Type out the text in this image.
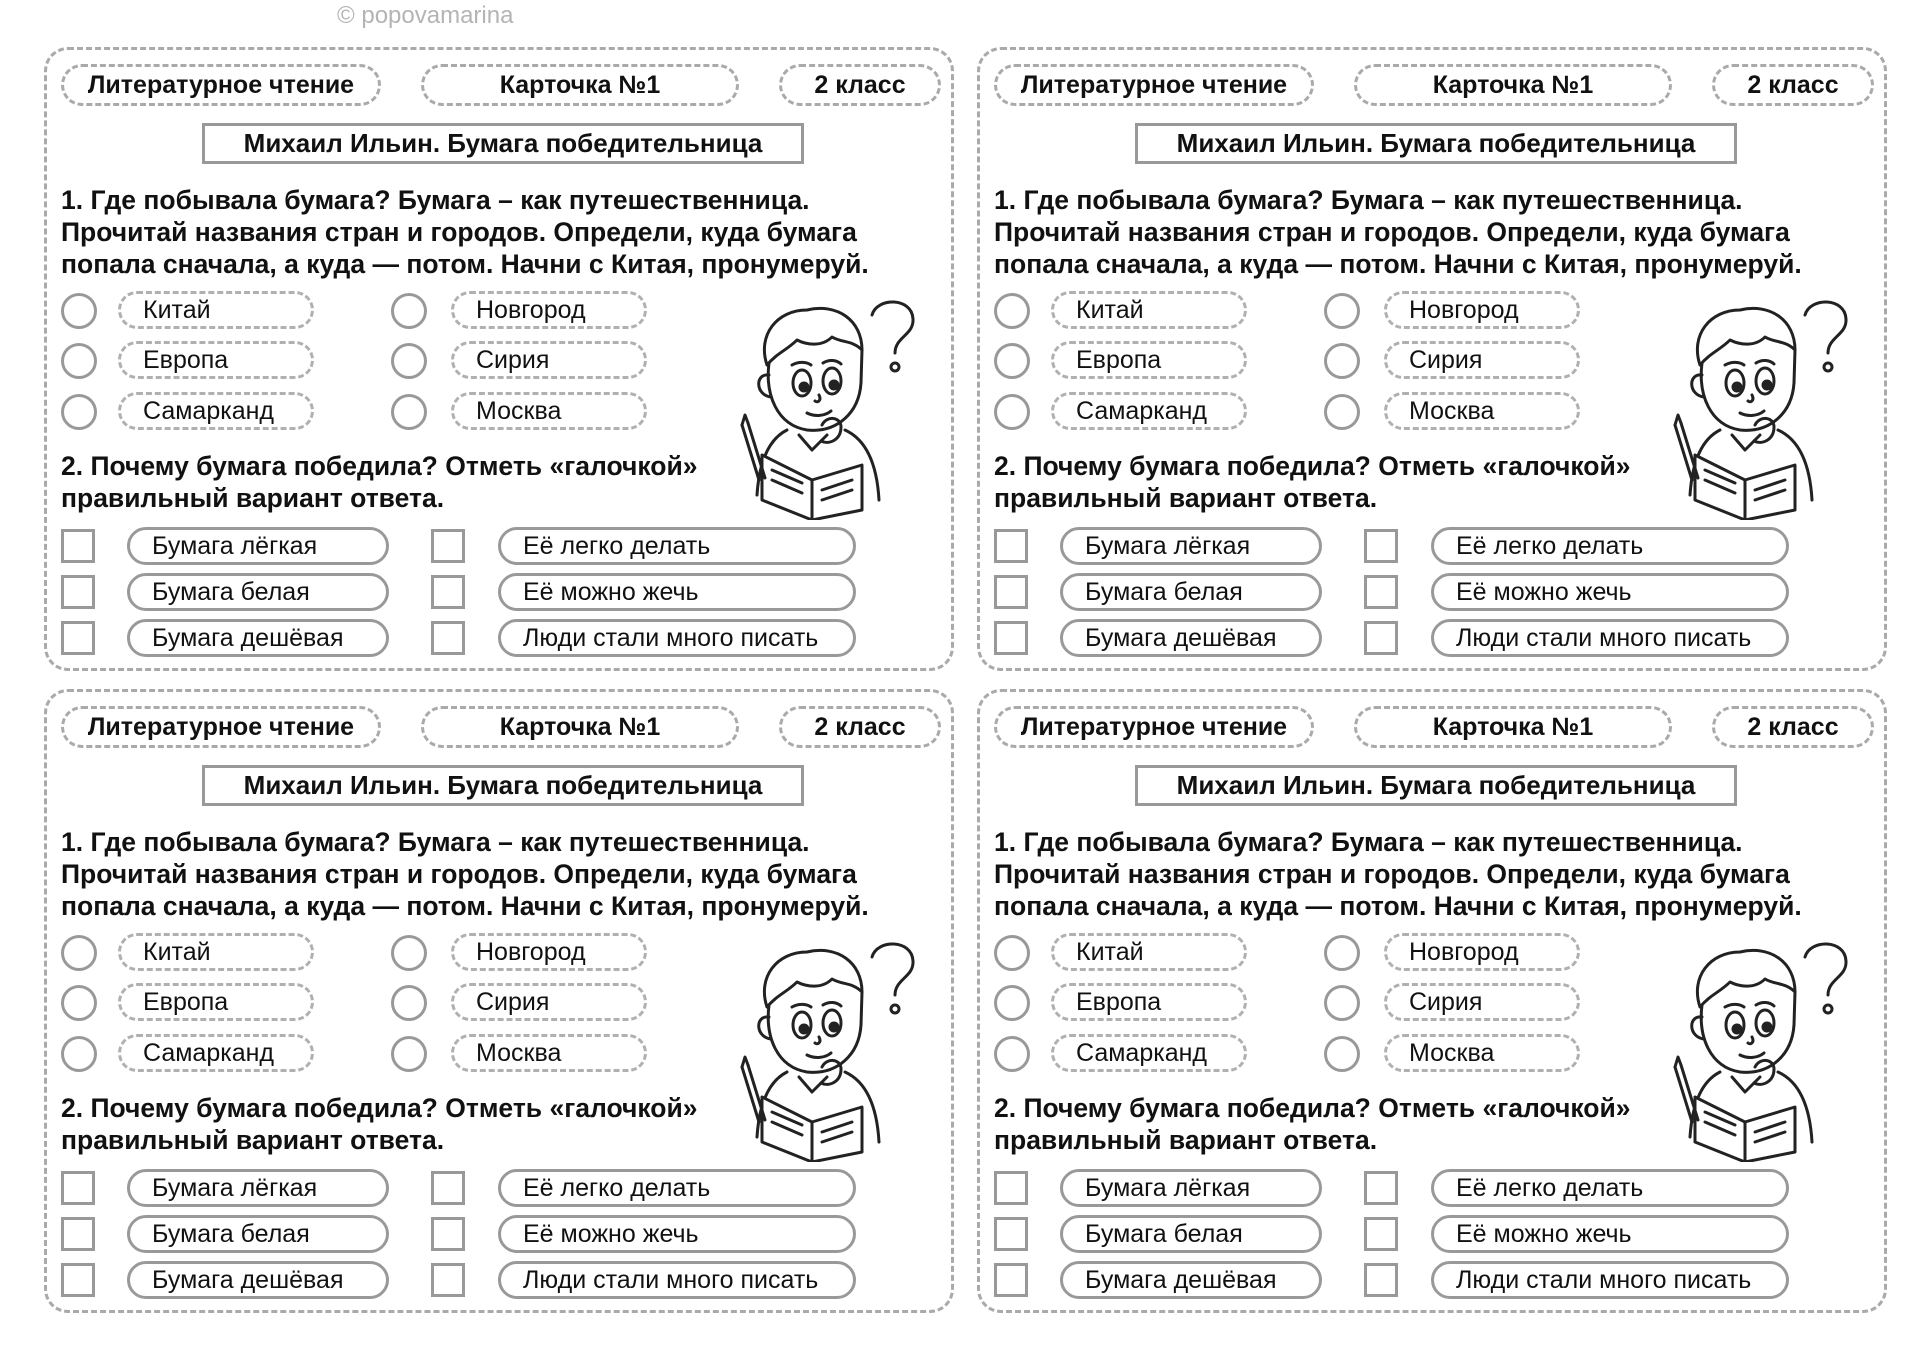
© popovamarina
Литературное чтение	Карточка №1	2 класс
Михаил Ильин. Бумага победительница
1. Где побывала бумага? Бумага – как путешественница.
Прочитай названия стран и городов. Определи, куда бумага
попала сначала, а куда — потом. Начни с Китая, пронумеруй.
Китай
Европа
Самарканд
Новгород
Сирия
Москва
2. Почему бумага победила? Отметь «галочкой»
правильный вариант ответа.
Бумага лёгкая
Бумага белая
Бумага дешёвая
Её легко делать
Её можно жечь
Люди стали много писать
Литературное чтение	Карточка №1	2 класс
Михаил Ильин. Бумага победительница
1. Где побывала бумага? Бумага – как путешественница.
Прочитай названия стран и городов. Определи, куда бумага
попала сначала, а куда — потом. Начни с Китая, пронумеруй.
Китай
Европа
Самарканд
Новгород
Сирия
Москва
2. Почему бумага победила? Отметь «галочкой»
правильный вариант ответа.
Бумага лёгкая
Бумага белая
Бумага дешёвая
Её легко делать
Её можно жечь
Люди стали много писать
Литературное чтение	Карточка №1	2 класс
Михаил Ильин. Бумага победительница
1. Где побывала бумага? Бумага – как путешественница.
Прочитай названия стран и городов. Определи, куда бумага
попала сначала, а куда — потом. Начни с Китая, пронумеруй.
Китай
Европа
Самарканд
Новгород
Сирия
Москва
2. Почему бумага победила? Отметь «галочкой»
правильный вариант ответа.
Бумага лёгкая
Бумага белая
Бумага дешёвая
Её легко делать
Её можно жечь
Люди стали много писать
Литературное чтение	Карточка №1	2 класс
Михаил Ильин. Бумага победительница
1. Где побывала бумага? Бумага – как путешественница.
Прочитай названия стран и городов. Определи, куда бумага
попала сначала, а куда — потом. Начни с Китая, пронумеруй.
Китай
Европа
Самарканд
Новгород
Сирия
Москва
2. Почему бумага победила? Отметь «галочкой»
правильный вариант ответа.
Бумага лёгкая
Бумага белая
Бумага дешёвая
Её легко делать
Её можно жечь
Люди стали много писать
